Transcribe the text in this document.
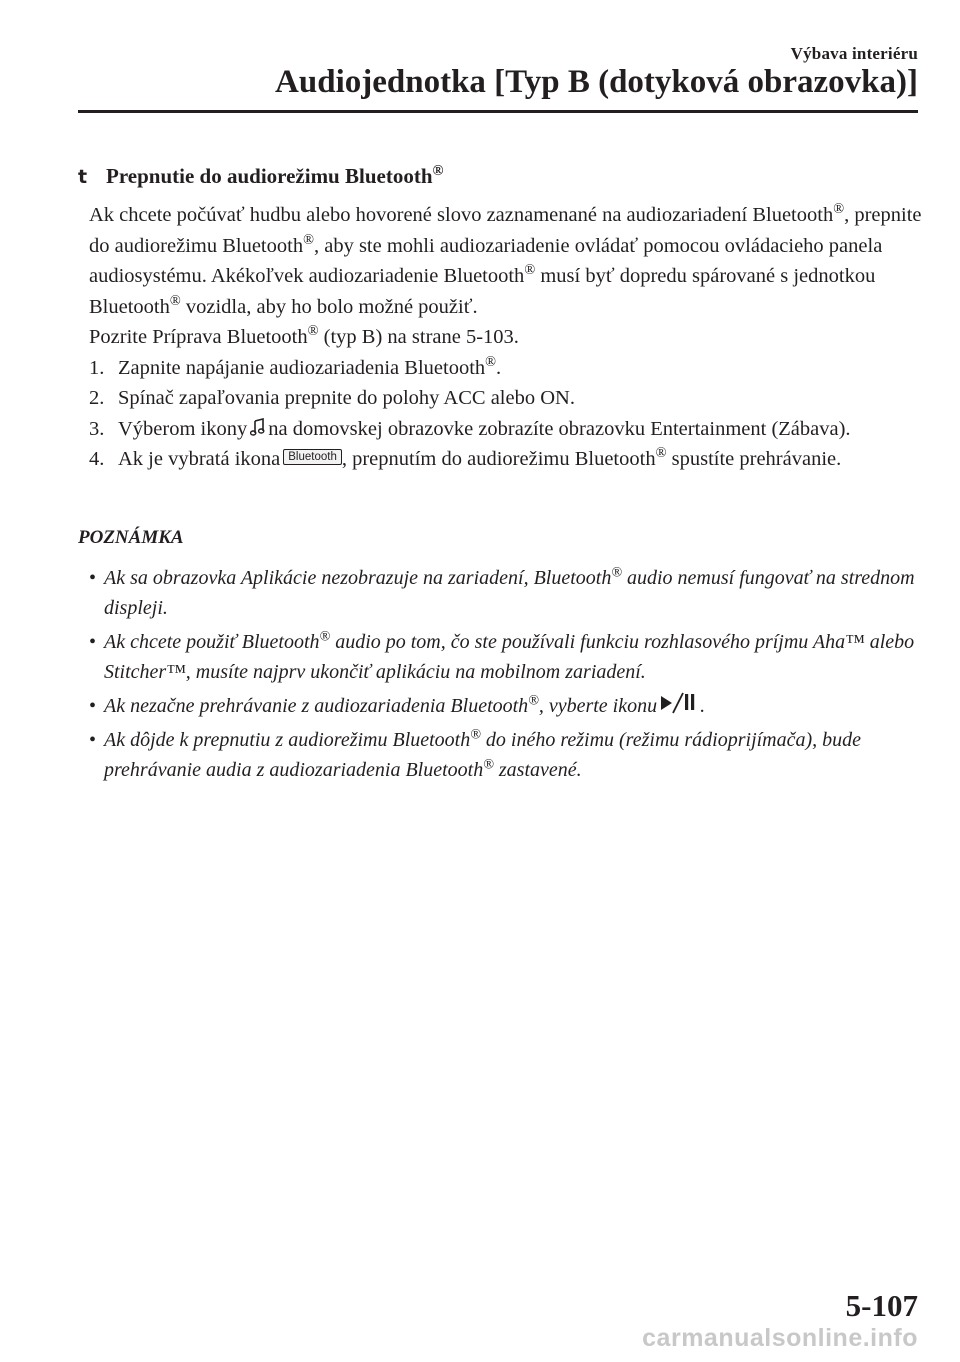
Výbava interiéru
Audiojednotka [Typ B (dotyková obrazovka)]
t Prepnutie do audiorežimu Bluetooth®

Ak chcete počúvať hudbu alebo hovorené slovo zaznamenané na audiozariadení Bluetooth®, prepnite do audiorežimu Bluetooth®, aby ste mohli audiozariadenie ovládať pomocou ovládacieho panela audiosystému. Akékoľvek audiozariadenie Bluetooth® musí byť dopredu spárované s jednotkou Bluetooth® vozidla, aby ho bolo možné použiť.

Pozrite Príprava Bluetooth® (typ B) na strane 5-103.

1. Zapnite napájanie audiozariadenia Bluetooth®.
2. Spínač zapaľovania prepnite do polohy ACC alebo ON.
3. Výberom ikony na domovskej obrazovke zobrazíte obrazovku Entertainment (Zábava).
4. Ak je vybratá ikona Bluetooth , prepnutím do audiorežimu Bluetooth® spustíte prehrávanie.
POZNÁMKA
• Ak sa obrazovka Aplikácie nezobrazuje na zariadení, Bluetooth® audio nemusí fungovať na strednom displeji.
• Ak chcete použiť Bluetooth® audio po tom, čo ste používali funkciu rozhlasového príjmu Aha™ alebo Stitcher™, musíte najprv ukončiť aplikáciu na mobilnom zariadení.
• Ak nezačne prehrávanie z audiozariadenia Bluetooth®, vyberte ikonu .
• Ak dôjde k prepnutiu z audiorežimu Bluetooth® do iného režimu (režimu rádioprijímača), bude prehrávanie audia z audiozariadenia Bluetooth® zastavené.
5-107
carmanualsonline.info
